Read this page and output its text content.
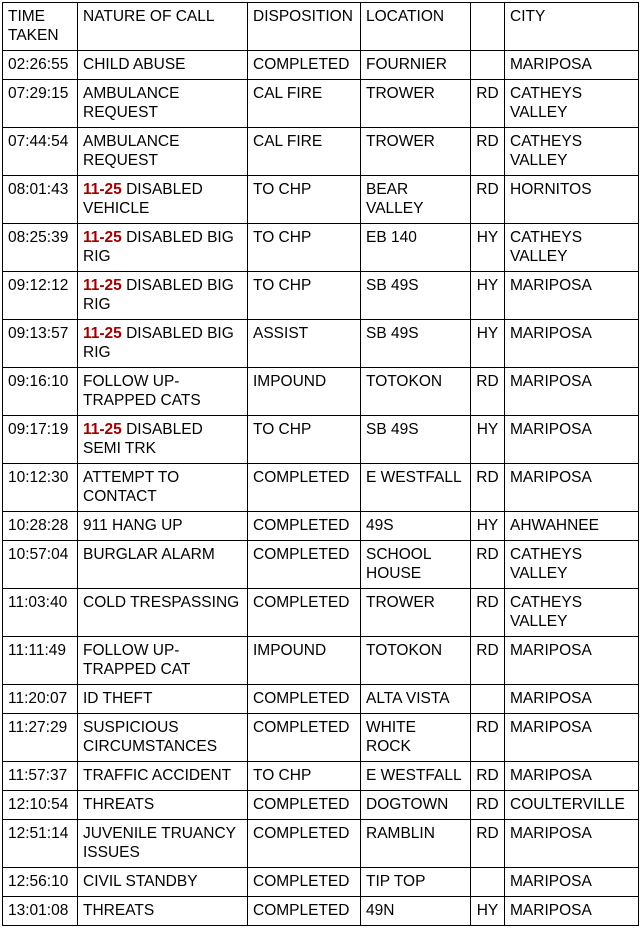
TIME TAKEN	NATURE OF CALL	DISPOSITION	LOCATION		CITY
02:26:55	CHILD ABUSE	COMPLETED	FOURNIER		MARIPOSA
07:29:15	AMBULANCE REQUEST	CAL FIRE	TROWER	RD	CATHEYS VALLEY
07:44:54	AMBULANCE REQUEST	CAL FIRE	TROWER	RD	CATHEYS VALLEY
08:01:43	11-25 DISABLED VEHICLE	TO CHP	BEAR VALLEY	RD	HORNITOS
08:25:39	11-25 DISABLED BIG RIG	TO CHP	EB 140	HY	CATHEYS VALLEY
09:12:12	11-25 DISABLED BIG RIG	TO CHP	SB 49S	HY	MARIPOSA
09:13:57	11-25 DISABLED BIG RIG	ASSIST	SB 49S	HY	MARIPOSA
09:16:10	FOLLOW UP-TRAPPED CATS	IMPOUND	TOTOKON	RD	MARIPOSA
09:17:19	11-25 DISABLED SEMI TRK	TO CHP	SB 49S	HY	MARIPOSA
10:12:30	ATTEMPT TO CONTACT	COMPLETED	E WESTFALL	RD	MARIPOSA
10:28:28	911 HANG UP	COMPLETED	49S	HY	AHWAHNEE
10:57:04	BURGLAR ALARM	COMPLETED	SCHOOL HOUSE	RD	CATHEYS VALLEY
11:03:40	COLD TRESPASSING	COMPLETED	TROWER	RD	CATHEYS VALLEY
11:11:49	FOLLOW UP-TRAPPED CAT	IMPOUND	TOTOKON	RD	MARIPOSA
11:20:07	ID THEFT	COMPLETED	ALTA VISTA		MARIPOSA
11:27:29	SUSPICIOUS CIRCUMSTANCES	COMPLETED	WHITE ROCK	RD	MARIPOSA
11:57:37	TRAFFIC ACCIDENT	TO CHP	E WESTFALL	RD	MARIPOSA
12:10:54	THREATS	COMPLETED	DOGTOWN	RD	COULTERVILLE
12:51:14	JUVENILE TRUANCY ISSUES	COMPLETED	RAMBLIN	RD	MARIPOSA
12:56:10	CIVIL STANDBY	COMPLETED	TIP TOP		MARIPOSA
13:01:08	THREATS	COMPLETED	49N	HY	MARIPOSA
